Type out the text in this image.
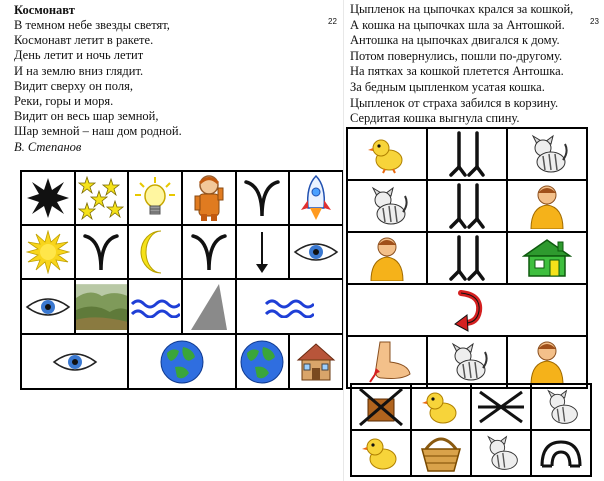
Космонавт
22
В темном небе звезды светят,
Космонавт летит в ракете.
День летит и ночь летит
И на землю вниз глядит.
Видит сверху он поля,
Реки, горы и моря.
Видит он весь шар земной,
Шар земной – наш дом родной.
В. Степанов

Цыпленок на цыпочках крался за кошкой,
А кошка на цыпочках шла за Антошкой.
Антошка на цыпочках двигался к дому.
Потом повернулись, пошли по-другому.
На пятках за кошкой плетется Антошка.
За бедным цыпленком усатая кошка.
Цыпленок от страха забился в корзину.
Сердитая кошка выгнула спину.
23
